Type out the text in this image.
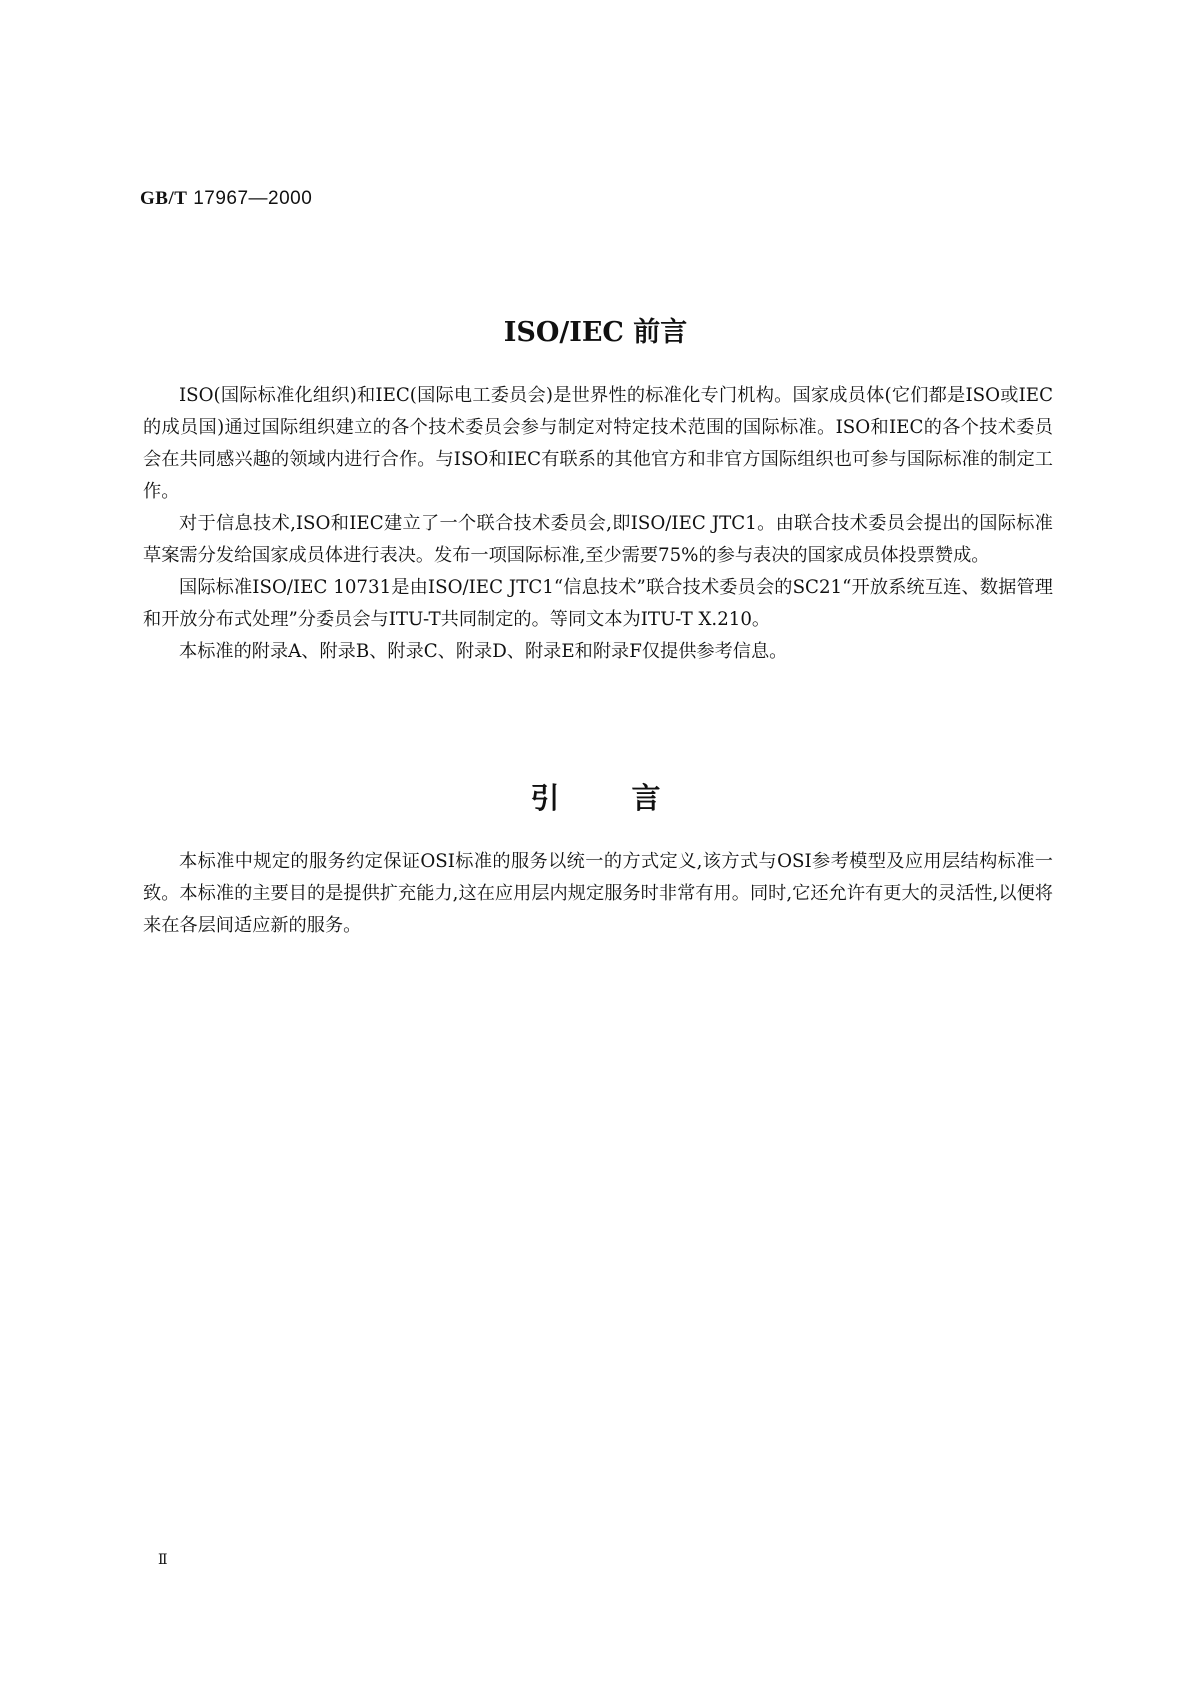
GB/T 17967—2000
ISO/IEC 前言

ISO(国际标准化组织)和IEC(国际电工委员会)是世界性的标准化专门机构。国家成员体(它们都是ISO或IEC的成员国)通过国际组织建立的各个技术委员会参与制定对特定技术范围的国际标准。ISO和IEC的各个技术委员会在共同感兴趣的领域内进行合作。与ISO和IEC有联系的其他官方和非官方国际组织也可参与国际标准的制定工作。

对于信息技术,ISO和IEC建立了一个联合技术委员会,即ISO/IEC JTC1。由联合技术委员会提出的国际标准草案需分发给国家成员体进行表决。发布一项国际标准,至少需要75%的参与表决的国家成员体投票赞成。

国际标准ISO/IEC 10731是由ISO/IEC JTC1“信息技术”联合技术委员会的SC21“开放系统互连、数据管理和开放分布式处理”分委员会与ITU-T共同制定的。等同文本为ITU-T X.210。

本标准的附录A、附录B、附录C、附录D、附录E和附录F仅提供参考信息。

引言

本标准中规定的服务约定保证OSI标准的服务以统一的方式定义,该方式与OSI参考模型及应用层结构标准一致。本标准的主要目的是提供扩充能力,这在应用层内规定服务时非常有用。同时,它还允许有更大的灵活性,以便将来在各层间适应新的服务。

Ⅱ
